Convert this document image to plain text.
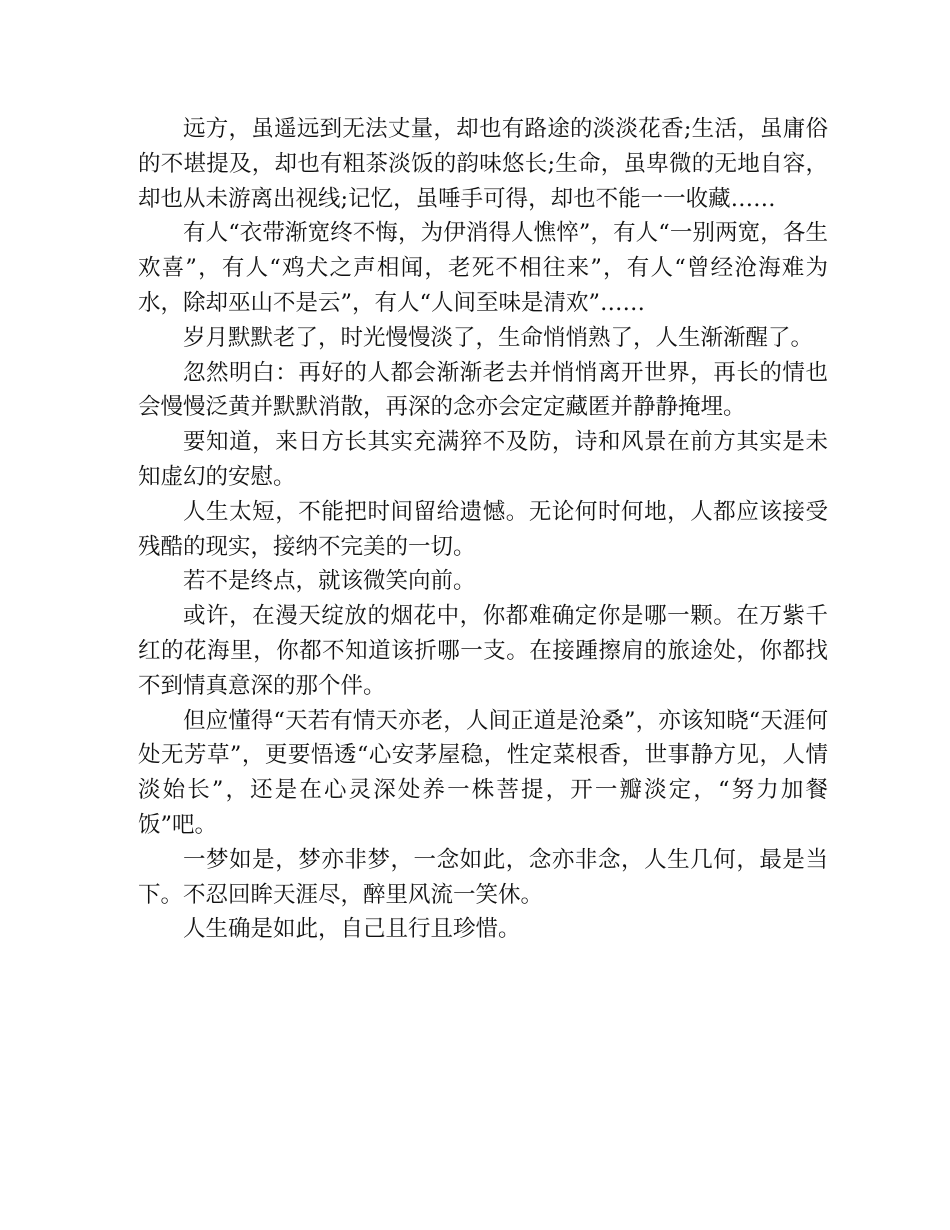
远方，虽遥远到无法丈量，却也有路途的淡淡花香;生活，虽庸俗的不堪提及，却也有粗茶淡饭的韵味悠长;生命，虽卑微的无地自容，却也从未游离出视线;记忆，虽唾手可得，却也不能一一收藏……

有人“衣带渐宽终不悔，为伊消得人憔悴”，有人“一别两宽，各生欢喜”，有人“鸡犬之声相闻，老死不相往来”，有人“曾经沧海难为水，除却巫山不是云”，有人“人间至味是清欢”……

岁月默默老了，时光慢慢淡了，生命悄悄熟了，人生渐渐醒了。

忽然明白：再好的人都会渐渐老去并悄悄离开世界，再长的情也会慢慢泛黄并默默消散，再深的念亦会定定藏匿并静静掩埋。

要知道，来日方长其实充满猝不及防，诗和风景在前方其实是未知虚幻的安慰。

人生太短，不能把时间留给遗憾。无论何时何地，人都应该接受残酷的现实，接纳不完美的一切。

若不是终点，就该微笑向前。

或许，在漫天绽放的烟花中，你都难确定你是哪一颗。在万紫千红的花海里，你都不知道该折哪一支。在接踵擦肩的旅途处，你都找不到情真意深的那个伴。

但应懂得“天若有情天亦老，人间正道是沧桑”，亦该知晓“天涯何处无芳草”，更要悟透“心安茅屋稳，性定菜根香，世事静方见，人情淡始长”，还是在心灵深处养一株菩提，开一瓣淡定，“努力加餐饭”吧。

一梦如是，梦亦非梦，一念如此，念亦非念，人生几何，最是当下。不忍回眸天涯尽，醉里风流一笑休。

人生确是如此，自己且行且珍惜。
